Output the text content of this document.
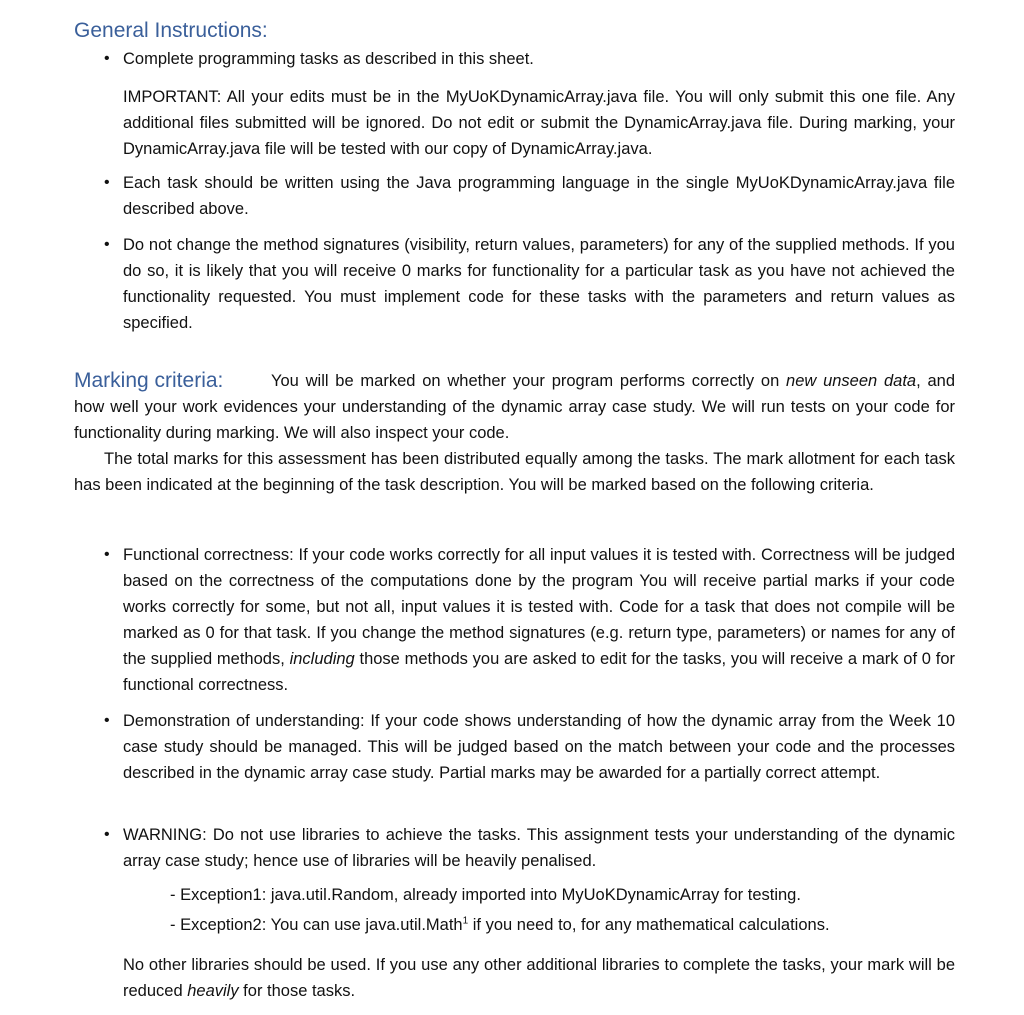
General Instructions:
• Complete programming tasks as described in this sheet.

IMPORTANT: All your edits must be in the MyUoKDynamicArray.java file. You will only submit this one file. Any additional files submitted will be ignored. Do not edit or submit the DynamicArray.java file. During marking, your DynamicArray.java file will be tested with our copy of DynamicArray.java.

• Each task should be written using the Java programming language in the single MyUoKDynamicArray.java file described above.

• Do not change the method signatures (visibility, return values, parameters) for any of the supplied methods. If you do so, it is likely that you will receive 0 marks for functionality for a particular task as you have not achieved the functionality requested. You must implement code for these tasks with the parameters and return values as specified.

Marking criteria:	You will be marked on whether your program performs correctly on new unseen data, and how well your work evidences your understanding of the dynamic array case study. We will run tests on your code for functionality during marking. We will also inspect your code.

The total marks for this assessment has been distributed equally among the tasks. The mark allotment for each task has been indicated at the beginning of the task description. You will be marked based on the following criteria.

• Functional correctness: If your code works correctly for all input values it is tested with. Correctness will be judged based on the correctness of the computations done by the program You will receive partial marks if your code works correctly for some, but not all, input values it is tested with. Code for a task that does not compile will be marked as 0 for that task. If you change the method signatures (e.g. return type, parameters) or names for any of the supplied methods, including those methods you are asked to edit for the tasks, you will receive a mark of 0 for functional correctness.

• Demonstration of understanding: If your code shows understanding of how the dynamic array from the Week 10 case study should be managed. This will be judged based on the match between your code and the processes described in the dynamic array case study. Partial marks may be awarded for a partially correct attempt.

• WARNING: Do not use libraries to achieve the tasks. This assignment tests your understanding of the dynamic array case study; hence use of libraries will be heavily penalised.

- Exception1: java.util.Random, already imported into MyUoKDynamicArray for testing.

- Exception2: You can use java.util.Math$^1$ if you need to, for any mathematical calculations.

No other libraries should be used. If you use any other additional libraries to complete the tasks, your mark will be reduced heavily for those tasks.
